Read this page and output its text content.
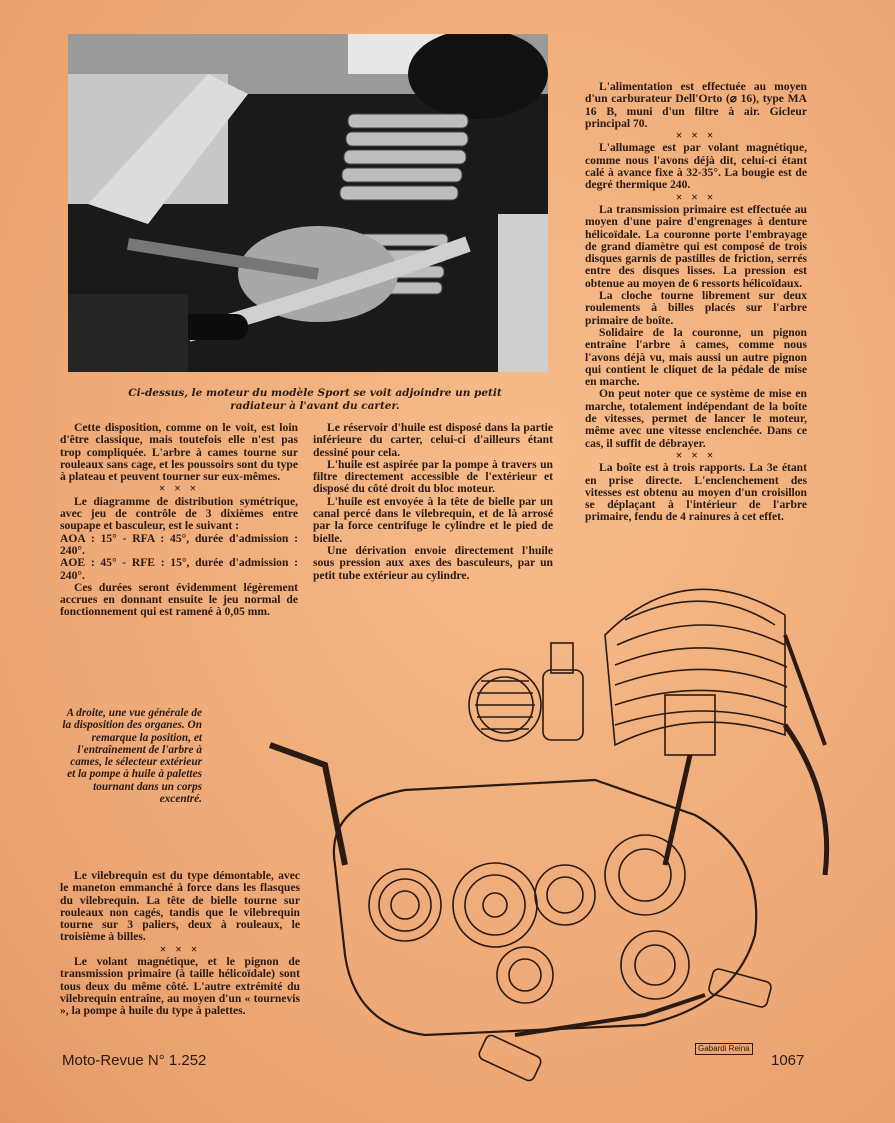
Ci-dessus, le moteur du modèle Sport se voit adjoindre un petit radiateur à l'avant du carter.

L'alimentation est effectuée au moyen d'un carburateur Dell'Orto (⌀ 16), type MA 16 B, muni d'un filtre à air. Gicleur principal 70.

× × ×

L'allumage est par volant magnétique, comme nous l'avons déjà dit, celui-ci étant calé à avance fixe à 32-35°. La bougie est de degré thermique 240.

× × ×

La transmission primaire est effectuée au moyen d'une paire d'engrenages à denture hélicoïdale. La couronne porte l'embrayage de grand diamètre qui est composé de trois disques garnis de pastilles de friction, serrés entre des disques lisses. La pression est obtenue au moyen de 6 ressorts hélicoïdaux.

La cloche tourne librement sur deux roulements à billes placés sur l'arbre primaire de boîte.

Solidaire de la couronne, un pignon entraîne l'arbre à cames, comme nous l'avons déjà vu, mais aussi un autre pignon qui contient le cliquet de la pédale de mise en marche.

On peut noter que ce système de mise en marche, totalement indépendant de la boîte de vitesses, permet de lancer le moteur, même avec une vitesse enclenchée. Dans ce cas, il suffit de débrayer.

× × ×

La boîte est à trois rapports. La 3e étant en prise directe. L'enclenchement des vitesses est obtenu au moyen d'un croisillon se déplaçant à l'intérieur de l'arbre primaire, fendu de 4 rainures à cet effet.

Cette disposition, comme on le voit, est loin d'être classique, mais toutefois elle n'est pas trop compliquée. L'arbre à cames tourne sur rouleaux sans cage, et les poussoirs sont du type à plateau et peuvent tourner sur eux-mêmes.

× × ×

Le diagramme de distribution symétrique, avec jeu de contrôle de 3 dixièmes entre soupape et basculeur, est le suivant :

AOA : 15° - RFA : 45°, durée d'admission : 240°.

AOE : 45° - RFE : 15°, durée d'admission : 240°.

Ces durées seront évidemment légèrement accrues en donnant ensuite le jeu normal de fonctionnement qui est ramené à 0,05 mm.

Le réservoir d'huile est disposé dans la partie inférieure du carter, celui-ci d'ailleurs étant dessiné pour cela.

L'huile est aspirée par la pompe à travers un filtre directement accessible de l'extérieur et disposé du côté droit du bloc moteur.

L'huile est envoyée à la tête de bielle par un canal percé dans le vilebrequin, et de là arrosé par la force centrifuge le cylindre et le pied de bielle.

Une dérivation envoie directement l'huile sous pression aux axes des basculeurs, par un petit tube extérieur au cylindre.

A droite, une vue générale de la disposition des organes. On remarque la position, et l'entraînement de l'arbre à cames, le sélecteur extérieur et la pompe à huile à palettes tournant dans un corps excentré.

Le vilebrequin est du type démontable, avec le maneton emmanché à force dans les flasques du vilebrequin. La tête de bielle tourne sur rouleaux non cagés, tandis que le vilebrequin tourne sur 3 paliers, deux à rouleaux, le troisième à billes.

× × ×

Le volant magnétique, et le pignon de transmission primaire (à taille hélicoïdale) sont tous deux du même côté. L'autre extrémité du vilebrequin entraîne, au moyen d'un « tournevis », la pompe à huile du type à palettes.

Gabardi Reina
Moto-Revue N° 1.252	1067
